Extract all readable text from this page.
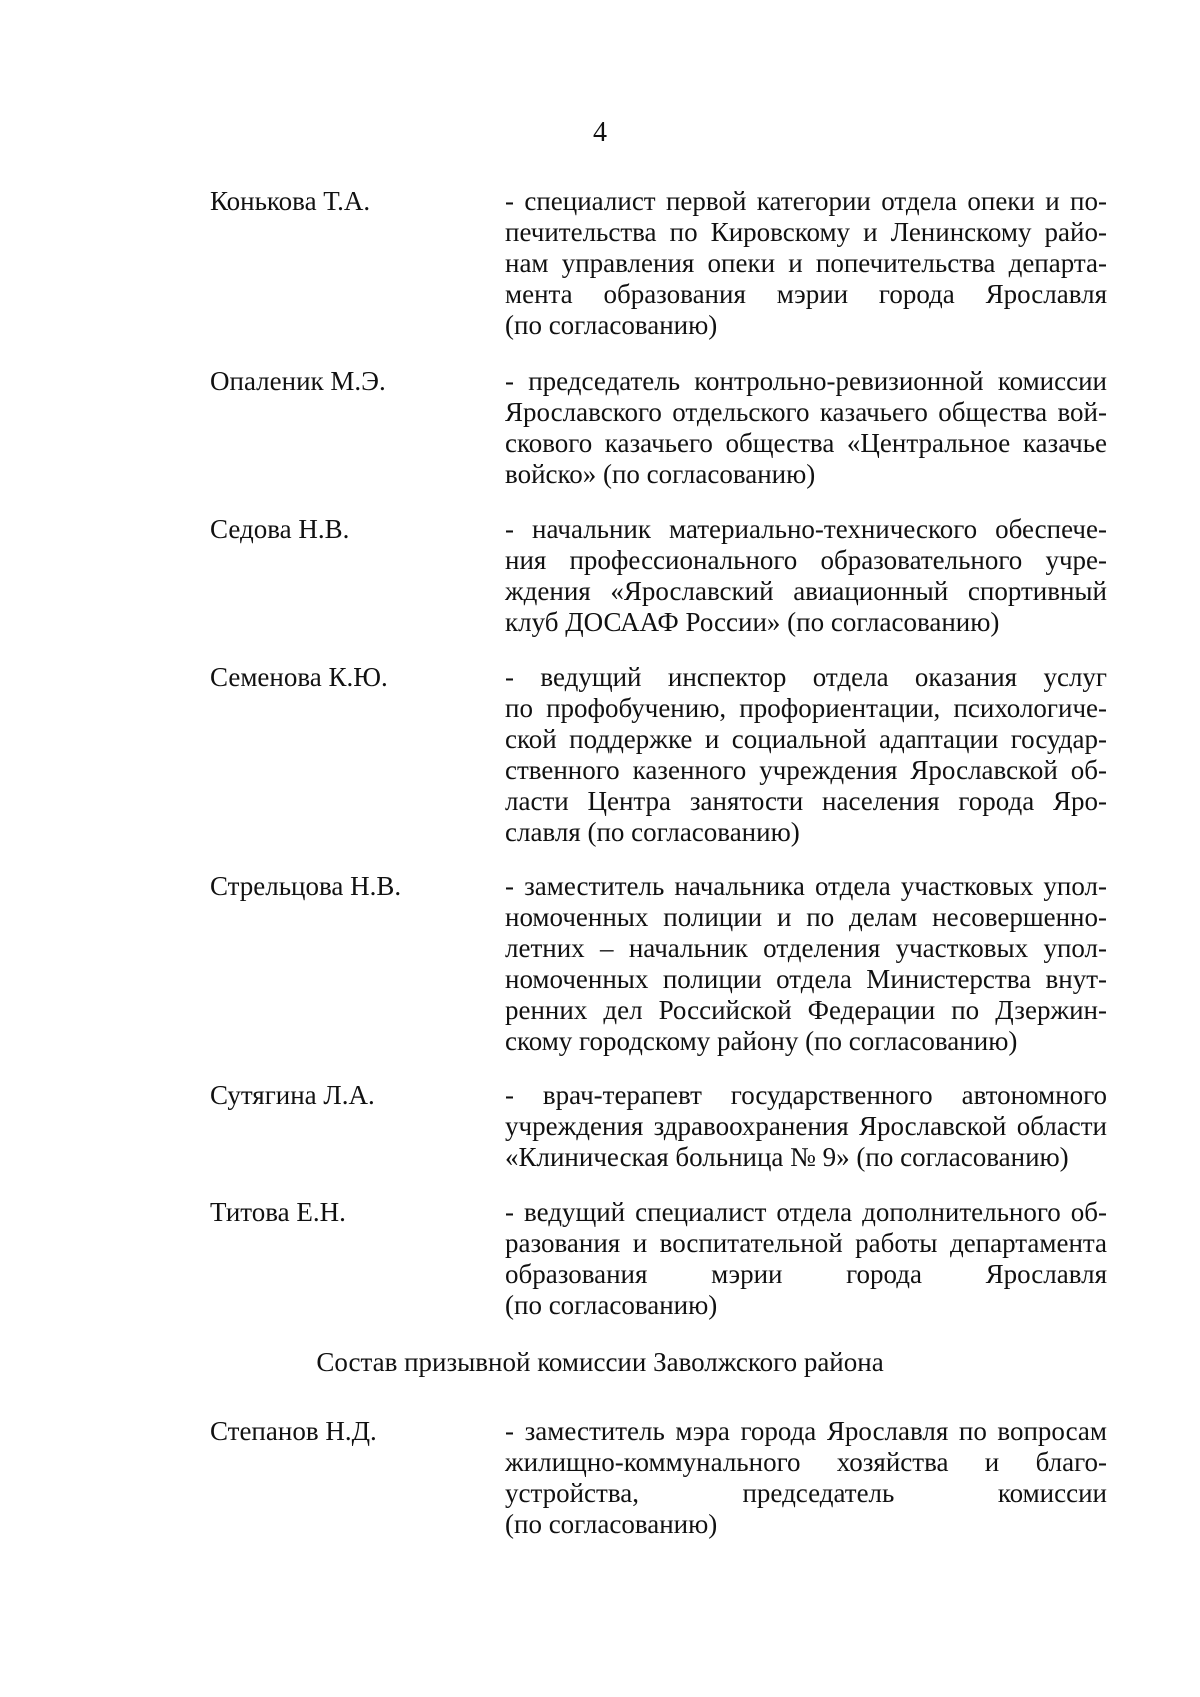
4
Конькова Т.А.	- специалист первой категории отдела опеки и по-
печительства по Кировскому и Ленинскому райо-
нам управления опеки и попечительства департа-
мента образования мэрии города Ярославля
(по согласованию)
Опаленик М.Э.	- председатель контрольно-ревизионной комиссии
Ярославского отдельского казачьего общества вой-
скового казачьего общества «Центральное казачье
войско» (по согласованию)
Седова Н.В.	- начальник материально-технического обеспече-
ния профессионального образовательного учре-
ждения «Ярославский авиационный спортивный
клуб ДОСААФ России» (по согласованию)
Семенова К.Ю.	- ведущий инспектор отдела оказания услуг
по профобучению, профориентации, психологиче-
ской поддержке и социальной адаптации государ-
ственного казенного учреждения Ярославской об-
ласти Центра занятости населения города Яро-
славля (по согласованию)
Стрельцова Н.В.	- заместитель начальника отдела участковых упол-
номоченных полиции и по делам несовершенно-
летних – начальник отделения участковых упол-
номоченных полиции отдела Министерства внут-
ренних дел Российской Федерации по Дзержин-
скому городскому району (по согласованию)
Сутягина Л.А.	- врач-терапевт государственного автономного
учреждения здравоохранения Ярославской области
«Клиническая больница № 9» (по согласованию)
Титова Е.Н.	- ведущий специалист отдела дополнительного об-
разования и воспитательной работы департамента
образования мэрии города Ярославля
(по согласованию)
Состав призывной комиссии Заволжского района
Степанов Н.Д.	- заместитель мэра города Ярославля по вопросам
жилищно-коммунального хозяйства и благо-
устройства, председатель комиссии
(по согласованию)
